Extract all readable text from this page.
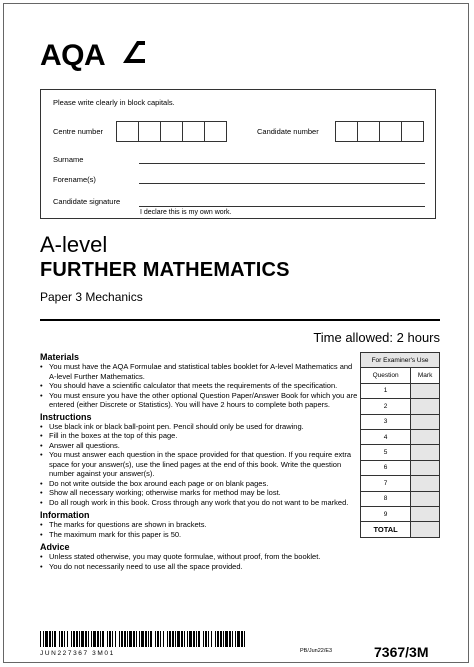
AQA
Please write clearly in block capitals.
Centre number	Candidate number
Surname
Forename(s)
Candidate signature
I declare this is my own work.
A-level
FURTHER MATHEMATICS
Paper 3 Mechanics
Time allowed: 2 hours
Materials
• You must have the AQA Formulae and statistical tables booklet for A-level Mathematics and A-level Further Mathematics.
• You should have a scientific calculator that meets the requirements of the specification.
• You must ensure you have the other optional Question Paper/Answer Book for which you are entered (either Discrete or Statistics). You will have 2 hours to complete both papers.
Instructions
• Use black ink or black ball-point pen. Pencil should only be used for drawing.
• Fill in the boxes at the top of this page.
• Answer all questions.
• You must answer each question in the space provided for that question. If you require extra space for your answer(s), use the lined pages at the end of this book. Write the question number against your answer(s).
• Do not write outside the box around each page or on blank pages.
• Show all necessary working; otherwise marks for method may be lost.
• Do all rough work in this book. Cross through any work that you do not want to be marked.
Information
• The marks for questions are shown in brackets.
• The maximum mark for this paper is 50.
Advice
• Unless stated otherwise, you may quote formulae, without proof, from the booklet.
• You do not necessarily need to use all the space provided.
For Examiner's Use	
Question	Mark
1	
2	
3	
4	
5	
6	
7	
8	
9	
TOTAL	
JUN227367 3M01	PB/Jun22/E3	7367/3M
